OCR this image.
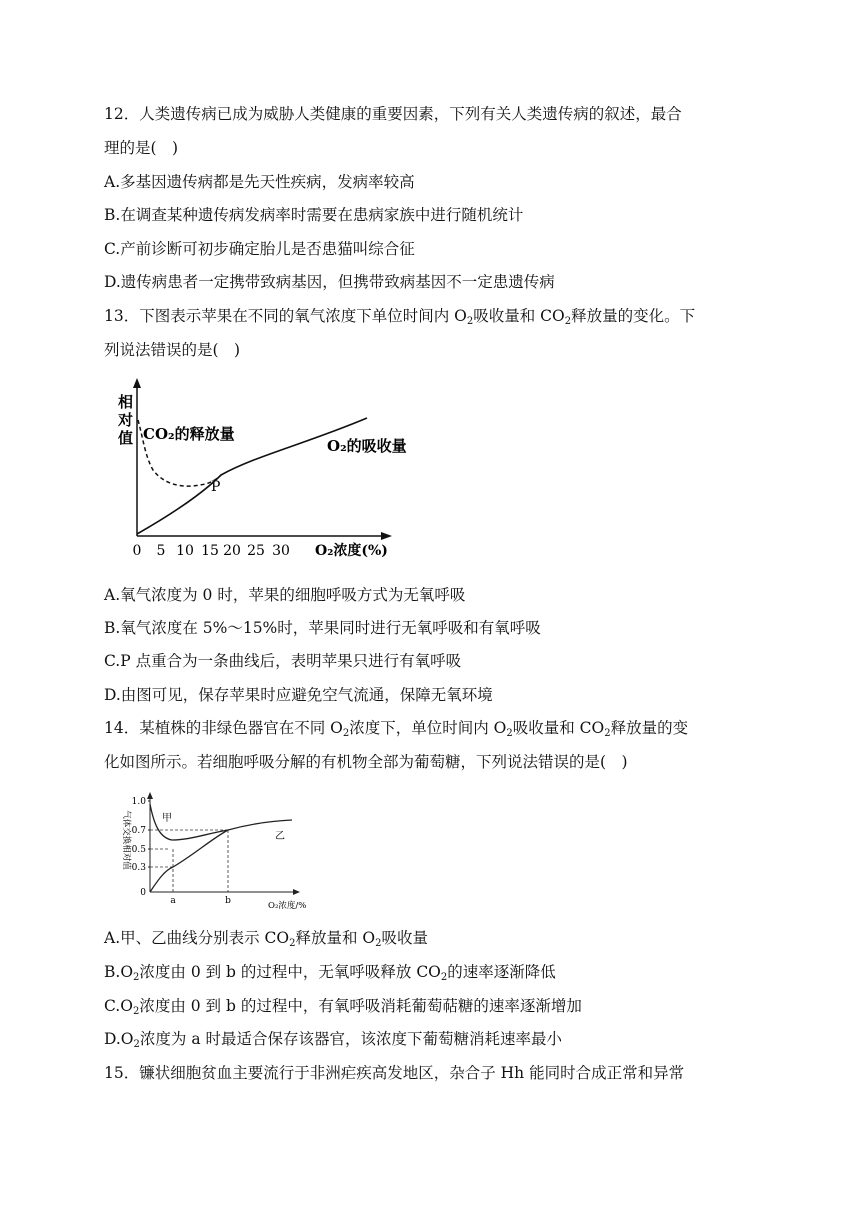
12．人类遗传病已成为威胁人类健康的重要因素，下列有关人类遗传病的叙述，最合
理的是(　)
A.多基因遗传病都是先天性疾病，发病率较高
B.在调查某种遗传病发病率时需要在患病家族中进行随机统计
C.产前诊断可初步确定胎儿是否患猫叫综合征
D.遗传病患者一定携带致病基因，但携带致病基因不一定患遗传病
13．下图表示苹果在不同的氧气浓度下单位时间内 $O_2$吸收量和 $CO_2$释放量的变化。下
列说法错误的是(　)
相
对
值 CO₂的释放量
O₂的吸收量
P
0 5 10 15 20 25 30 O₂浓度(%)
A.氧气浓度为 0 时，苹果的细胞呼吸方式为无氧呼吸
B.氧气浓度在 5%～15%时，苹果同时进行无氧呼吸和有氧呼吸
C.P 点重合为一条曲线后，表明苹果只进行有氧呼吸
D.由图可见，保存苹果时应避免空气流通，保障无氧环境
14．某植株的非绿色器官在不同 $O_2$浓度下，单位时间内 $O_2$吸收量和 $CO_2$释放量的变
化如图所示。若细胞呼吸分解的有机物全部为葡萄糖，下列说法错误的是(　)
1.0
0.7
0.5
0.3
0
气体交换相对值	甲
乙
a	b	O₂浓度/%
A.甲、乙曲线分别表示 $CO_2$释放量和 $O_2$吸收量
$B.O_2$浓度由 0 到 b 的过程中，无氧呼吸释放 $CO_2$的速率逐渐降低
$C.O_2$浓度由 0 到 b 的过程中，有氧呼吸消耗葡萄萜糖的速率逐渐增加
$D.O_2$浓度为 a 时最适合保存该器官，该浓度下葡萄糖消耗速率最小
15．镰状细胞贫血主要流行于非洲疟疾高发地区，杂合子 Hh 能同时合成正常和异常
